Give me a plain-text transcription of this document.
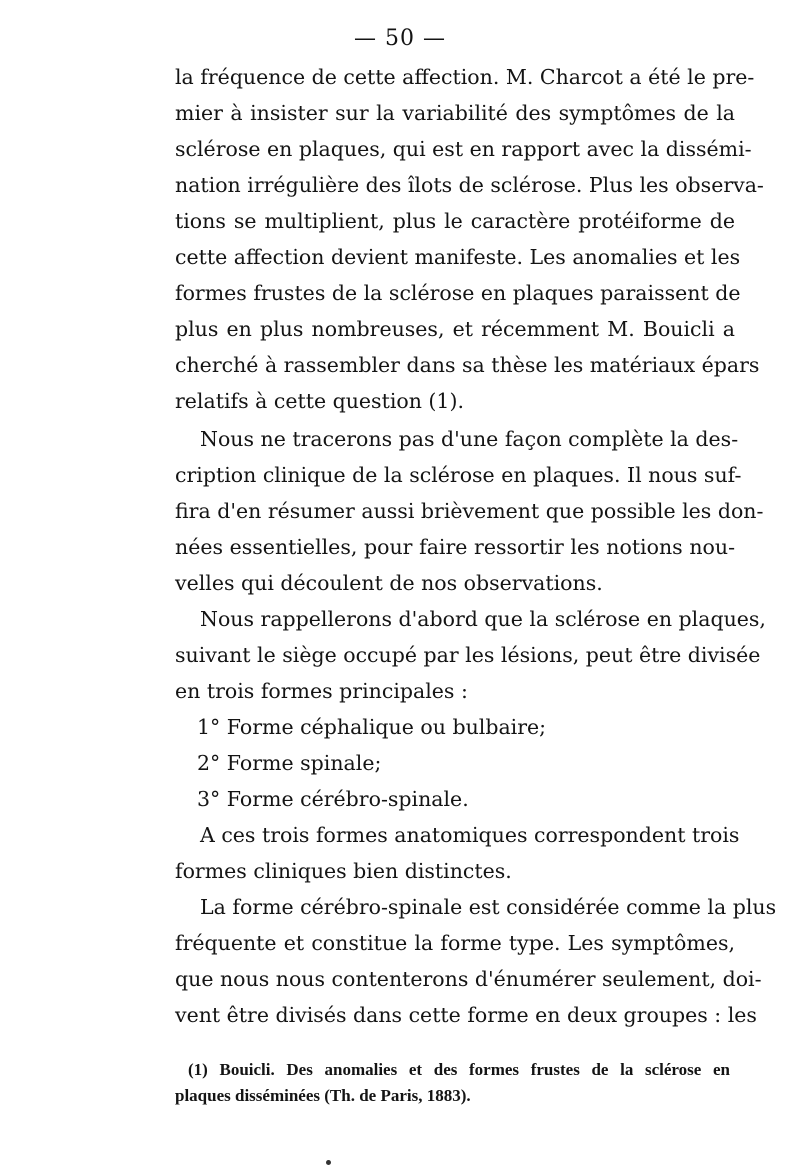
— 50 —
la fréquence de cette affection. M. Charcot a été le pre-
mier à insister sur la variabilité des symptômes de la
sclérose en plaques, qui est en rapport avec la dissémi-
nation irrégulière des îlots de sclérose. Plus les observa-
tions se multiplient, plus le caractère protéiforme de
cette affection devient manifeste. Les anomalies et les
formes frustes de la sclérose en plaques paraissent de
plus en plus nombreuses, et récemment M. Bouicli a
cherché à rassembler dans sa thèse les matériaux épars
relatifs à cette question (1).
Nous ne tracerons pas d'une façon complète la des-
cription clinique de la sclérose en plaques. Il nous suf-
fira d'en résumer aussi brièvement que possible les don-
nées essentielles, pour faire ressortir les notions nou-
velles qui découlent de nos observations.
Nous rappellerons d'abord que la sclérose en plaques,
suivant le siège occupé par les lésions, peut être divisée
en trois formes principales :
1° Forme céphalique ou bulbaire;
2° Forme spinale;
3° Forme cérébro-spinale.
A ces trois formes anatomiques correspondent trois
formes cliniques bien distinctes.
La forme cérébro-spinale est considérée comme la plus
fréquente et constitue la forme type. Les symptômes,
que nous nous contenterons d'énumérer seulement, doi-
vent être divisés dans cette forme en deux groupes : les
(1) Bouicli. Des anomalies et des formes frustes de la sclérose en
plaques disséminées (Th. de Paris, 1883).
